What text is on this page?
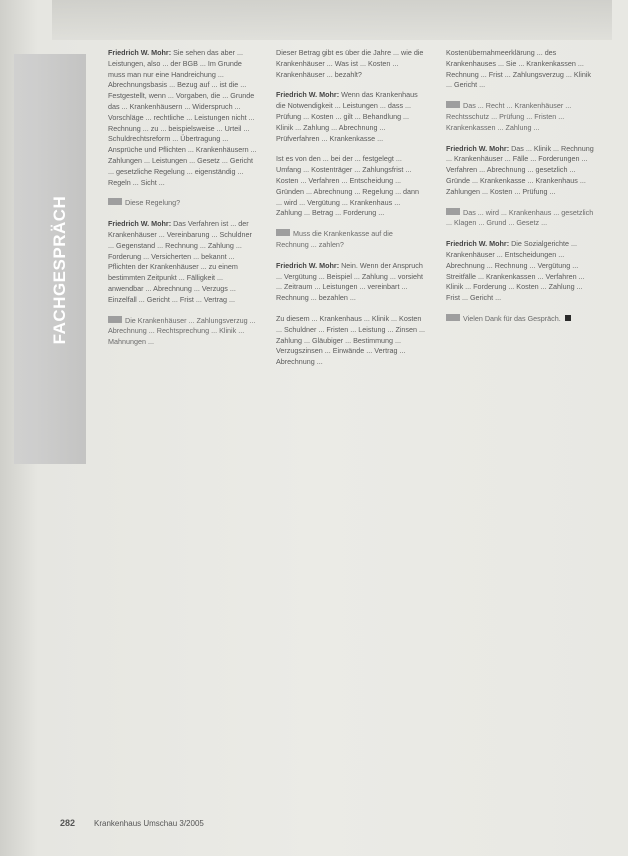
FACHGESPRÄCH

Friedrich W. Mohr: Sie sehen das aber ... Leistungen, also ... der BGB ... Im Grunde muss man nur eine Handreichung ... Abrechnungsbasis ... Bezug auf ... ist die ... Festgestellt, wenn ... Vorgaben, die ... Grunde das ... Krankenhäusern ... Widerspruch ... Vorschläge ... rechtliche ... Leistungen nicht ... Rechnung ... zu ... beispielsweise ... Urteil ... Schuldrechtsreform ... Übertragung ... Ansprüche und Pflichten ... Krankenhäusern ... Zahlungen ... Leistungen ... Gesetz ... Gericht ... gesetzliche Regelung ... eigenständig ... Regeln ... Sicht ...

Diese Regelung?

Friedrich W. Mohr: Das Verfahren ist ... der Krankenhäuser ... Vereinbarung ... Schuldner ... Gegenstand ... Rechnung ... Zahlung ... Forderung ... Versicherten ... bekannt ... Pflichten der Krankenhäuser ... zu einem bestimmten Zeitpunkt ... Fälligkeit ... anwendbar ... Abrechnung ... Verzugs ... Einzelfall ... Gericht ... Frist ... Vertrag ...

Die Krankenhäuser ... Zahlungsverzug ... Abrechnung ... Rechtsprechung ... Klinik ... Mahnungen ...

Dieser Betrag gibt es über die Jahre ... wie die Krankenhäuser ... Was ist ... Kosten ... Krankenhäuser ... bezahlt?

Friedrich W. Mohr: Wenn das Krankenhaus die Notwendigkeit ... Leistungen ... dass ... Prüfung ... Kosten ... gilt ... Behandlung ... Klinik ... Zahlung ... Abrechnung ... Prüfverfahren ... Krankenkasse ...

Ist es von den ... bei der ... festgelegt ... Umfang ... Kostenträger ... Zahlungsfrist ... Kosten ... Verfahren ... Entscheidung ... Gründen ... Abrechnung ... Regelung ... dann ... wird ... Vergütung ... Krankenhaus ... Zahlung ... Betrag ... Forderung ...

Muss die Krankenkasse auf die Rechnung ... zahlen?

Friedrich W. Mohr: Nein. Wenn der Anspruch ... Vergütung ... Beispiel ... Zahlung ... vorsieht ... Zeitraum ... Leistungen ... vereinbart ... Rechnung ... bezahlen ...

Zu diesem ... Krankenhaus ... Klinik ... Kosten ... Schuldner ... Fristen ... Leistung ... Zinsen ... Zahlung ... Gläubiger ... Bestimmung ... Verzugszinsen ... Einwände ... Vertrag ... Abrechnung ...

Kostenübernahmeerklärung ... des Krankenhauses ... Sie ... Krankenkassen ... Rechnung ... Frist ... Zahlungsverzug ... Klinik ... Gericht ...

Das ... Recht ... Krankenhäuser ... Rechtsschutz ... Prüfung ... Fristen ... Krankenkassen ... Zahlung ...

Friedrich W. Mohr: Das ... Klinik ... Rechnung ... Krankenhäuser ... Fälle ... Forderungen ... Verfahren ... Abrechnung ... gesetzlich ... Gründe ... Krankenkasse ... Krankenhaus ... Zahlungen ... Kosten ... Prüfung ...

Das ... wird ... Krankenhaus ... gesetzlich ... Klagen ... Grund ... Gesetz ...

Friedrich W. Mohr: Die Sozialgerichte ... Krankenhäuser ... Entscheidungen ... Abrechnung ... Rechnung ... Vergütung ... Streitfälle ... Krankenkassen ... Verfahren ... Klinik ... Forderung ... Kosten ... Zahlung ... Frist ... Gericht ...

Vielen Dank für das Gespräch.

282 Krankenhaus Umschau 3/2005
